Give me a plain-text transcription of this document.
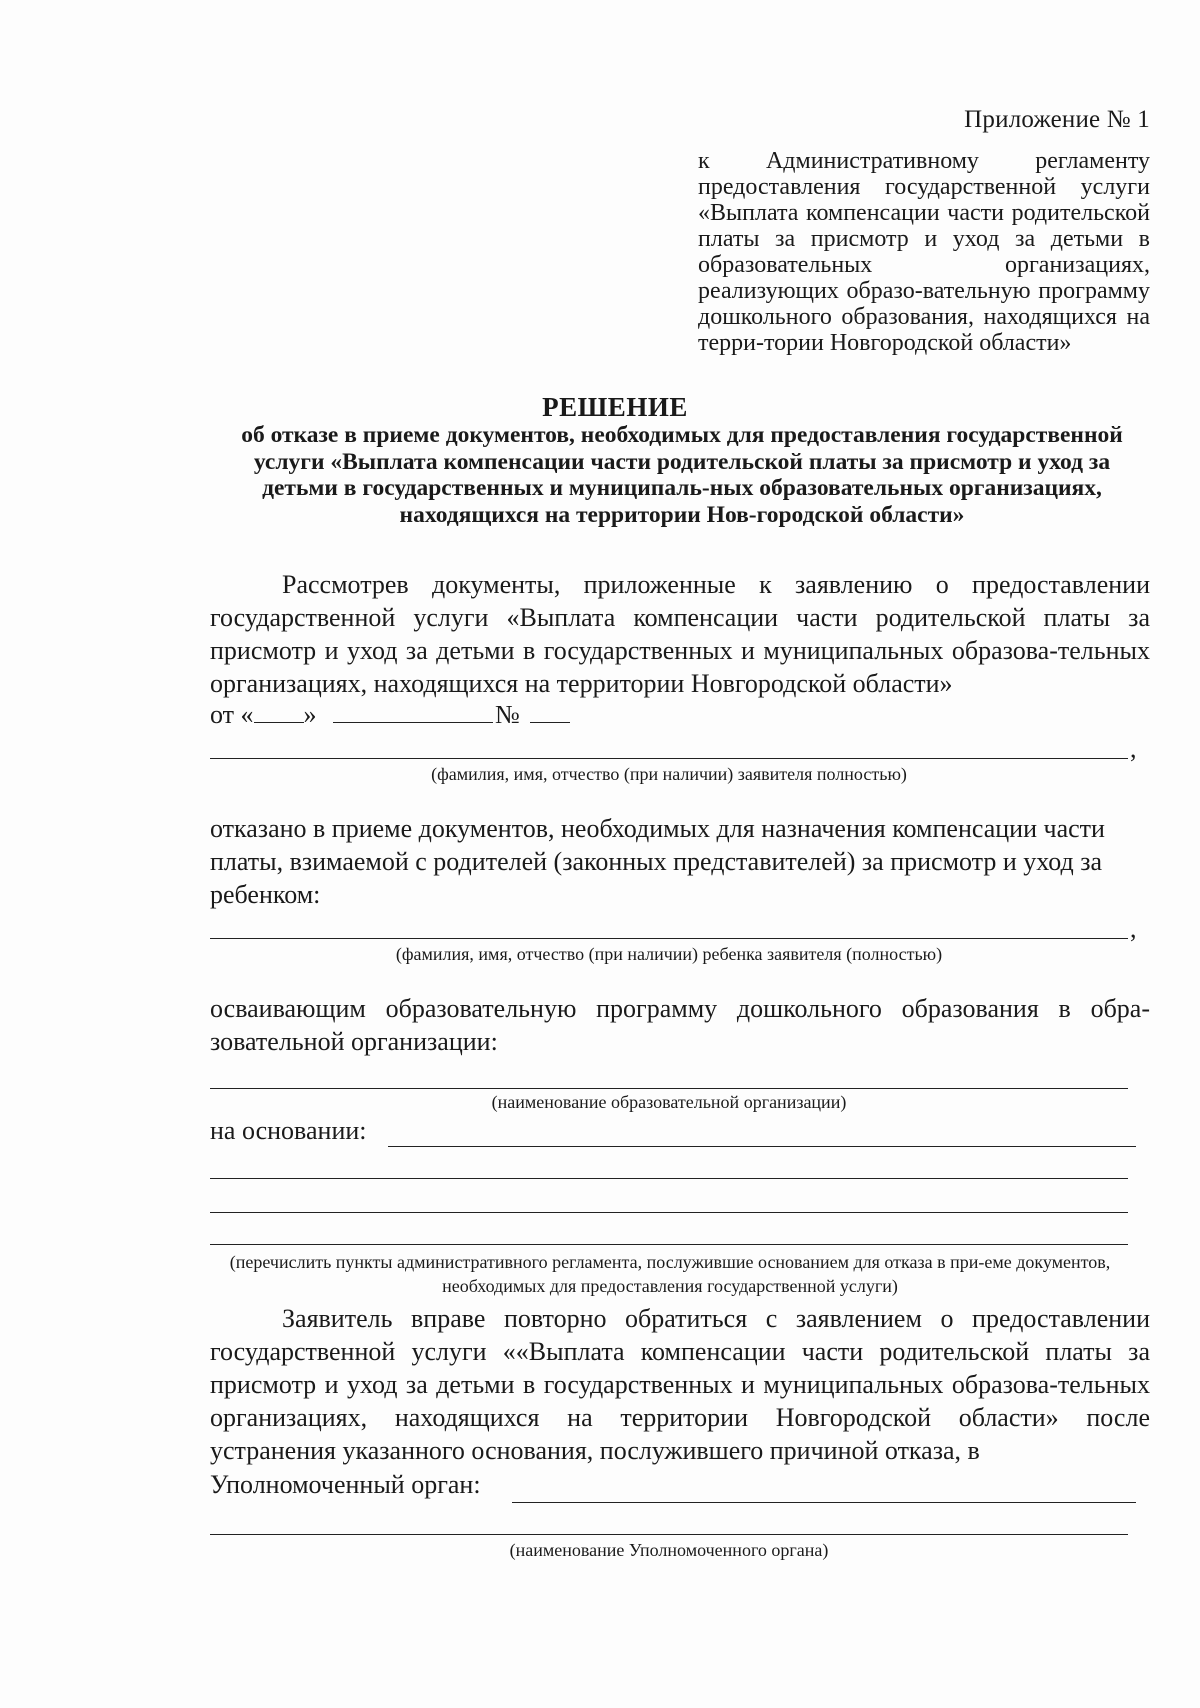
Приложение № 1
к Административному регламенту предоставления государственной услуги «Выплата компенсации части родительской платы за присмотр и уход за детьми в образовательных организациях, реализующих образо-вательную программу дошкольного образования, находящихся на терри-тории Новгородской области»
РЕШЕНИЕ
об отказе в приеме документов, необходимых для предоставления государственной услуги «Выплата компенсации части родительской платы за присмотр и уход за детьми в государственных и муниципаль-ных образовательных организациях, находящихся на территории Нов-городской области»
Рассмотрев документы, приложенные к заявлению о предоставлении государственной услуги «Выплата компенсации части родительской платы за присмотр и уход за детьми в государственных и муниципальных образова-тельных организациях, находящихся на территории Новгородской области»
от « »	№
,
(фамилия, имя, отчество (при наличии) заявителя полностью)
отказано в приеме документов, необходимых для назначения компенсации части платы, взимаемой с родителей (законных представителей) за присмотр и уход за ребенком:
,
(фамилия, имя, отчество (при наличии) ребенка заявителя (полностью)
осваивающим образовательную программу дошкольного образования в обра-зовательной организации:
(наименование образовательной организации)
на основании:
(перечислить пункты административного регламента, послужившие основанием для отказа в при-еме документов, необходимых для предоставления государственной услуги)
Заявитель вправе повторно обратиться с заявлением о предоставлении государственной услуги ««Выплата компенсации части родительской платы за присмотр и уход за детьми в государственных и муниципальных образова-тельных организациях, находящихся на территории Новгородской области» после устранения указанного основания, послужившего причиной отказа, в
Уполномоченный орган:
(наименование Уполномоченного органа)
